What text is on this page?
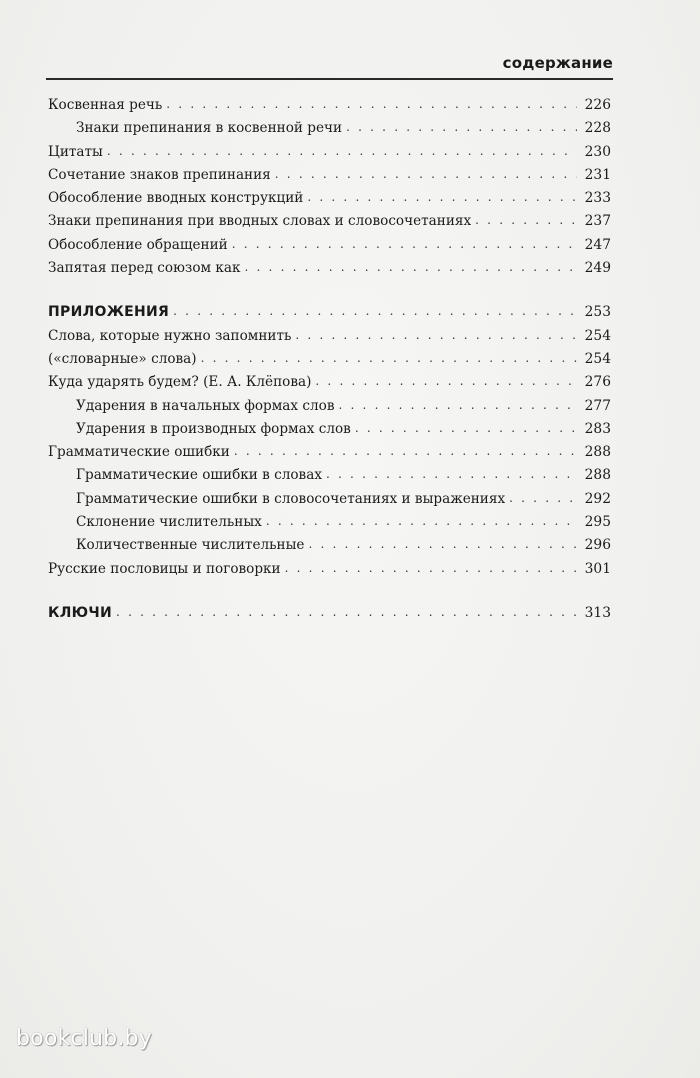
содержание
Косвенная речь . . .	226
Знаки препинания в косвенной речи . . .	228
Цитаты . . .	230
Сочетание знаков препинания . . .	231
Обособление вводных конструкций . . .	233
Знаки препинания при вводных словах и словосочетаниях . . .	237
Обособление обращений . . .	247
Запятая перед союзом как . . .	249
ПРИЛОЖЕНИЯ . . .	253
Слова, которые нужно запомнить . . .	254
(«словарные» слова) . . .	254
Куда ударять будем? (Е. А. Клёпова) . . .	276
Ударения в начальных формах слов . . .	277
Ударения в производных формах слов . . .	283
Грамматические ошибки . . .	288
Грамматические ошибки в словах . . .	288
Грамматические ошибки в словосочетаниях и выражениях . . .	292
Склонение числительных . . .	295
Количественные числительные . . .	296
Русские пословицы и поговорки . . .	301
КЛЮЧИ . . .	313
bookclub.by
